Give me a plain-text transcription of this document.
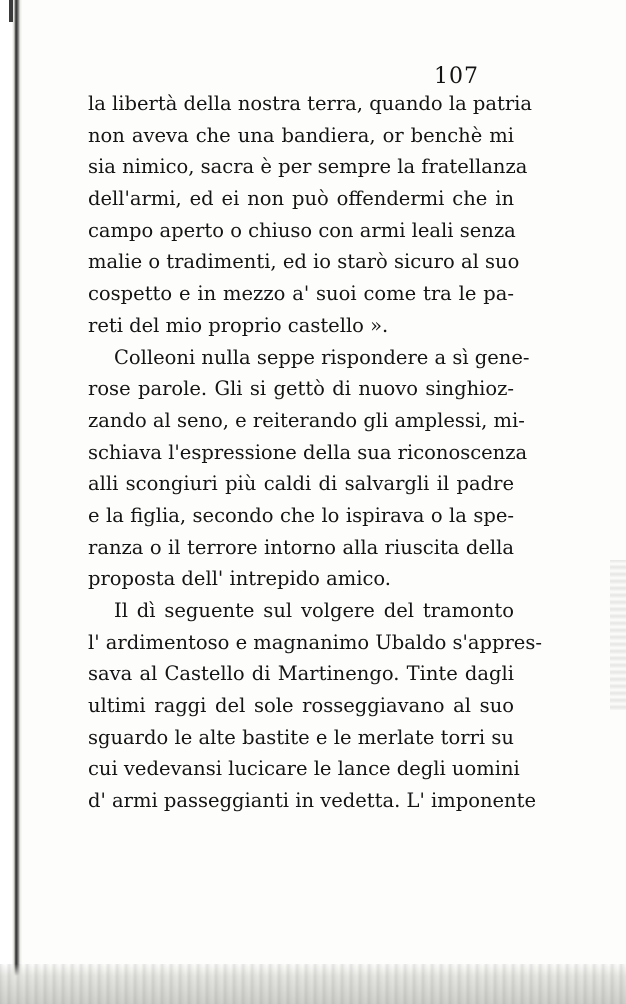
107
la libertà della nostra terra, quando la patria
non aveva che una bandiera, or benchè mi
sia nimico, sacra è per sempre la fratellanza
dell'armi, ed ei non può offendermi che in
campo aperto o chiuso con armi leali senza
malie o tradimenti, ed io starò sicuro al suo
cospetto e in mezzo a' suoi come tra le pa-
reti del mio proprio castello ».
Colleoni nulla seppe rispondere a sì gene-
rose parole. Gli si gettò di nuovo singhioz-
zando al seno, e reiterando gli amplessi, mi-
schiava l'espressione della sua riconoscenza
alli scongiuri più caldi di salvargli il padre
e la figlia, secondo che lo ispirava o la spe-
ranza o il terrore intorno alla riuscita della
proposta dell' intrepido amico.
Il dì seguente sul volgere del tramonto
l' ardimentoso e magnanimo Ubaldo s'appres-
sava al Castello di Martinengo. Tinte dagli
ultimi raggi del sole rosseggiavano al suo
sguardo le alte bastite e le merlate torri su
cui vedevansi lucicare le lance degli uomini
d' armi passeggianti in vedetta. L' imponente
